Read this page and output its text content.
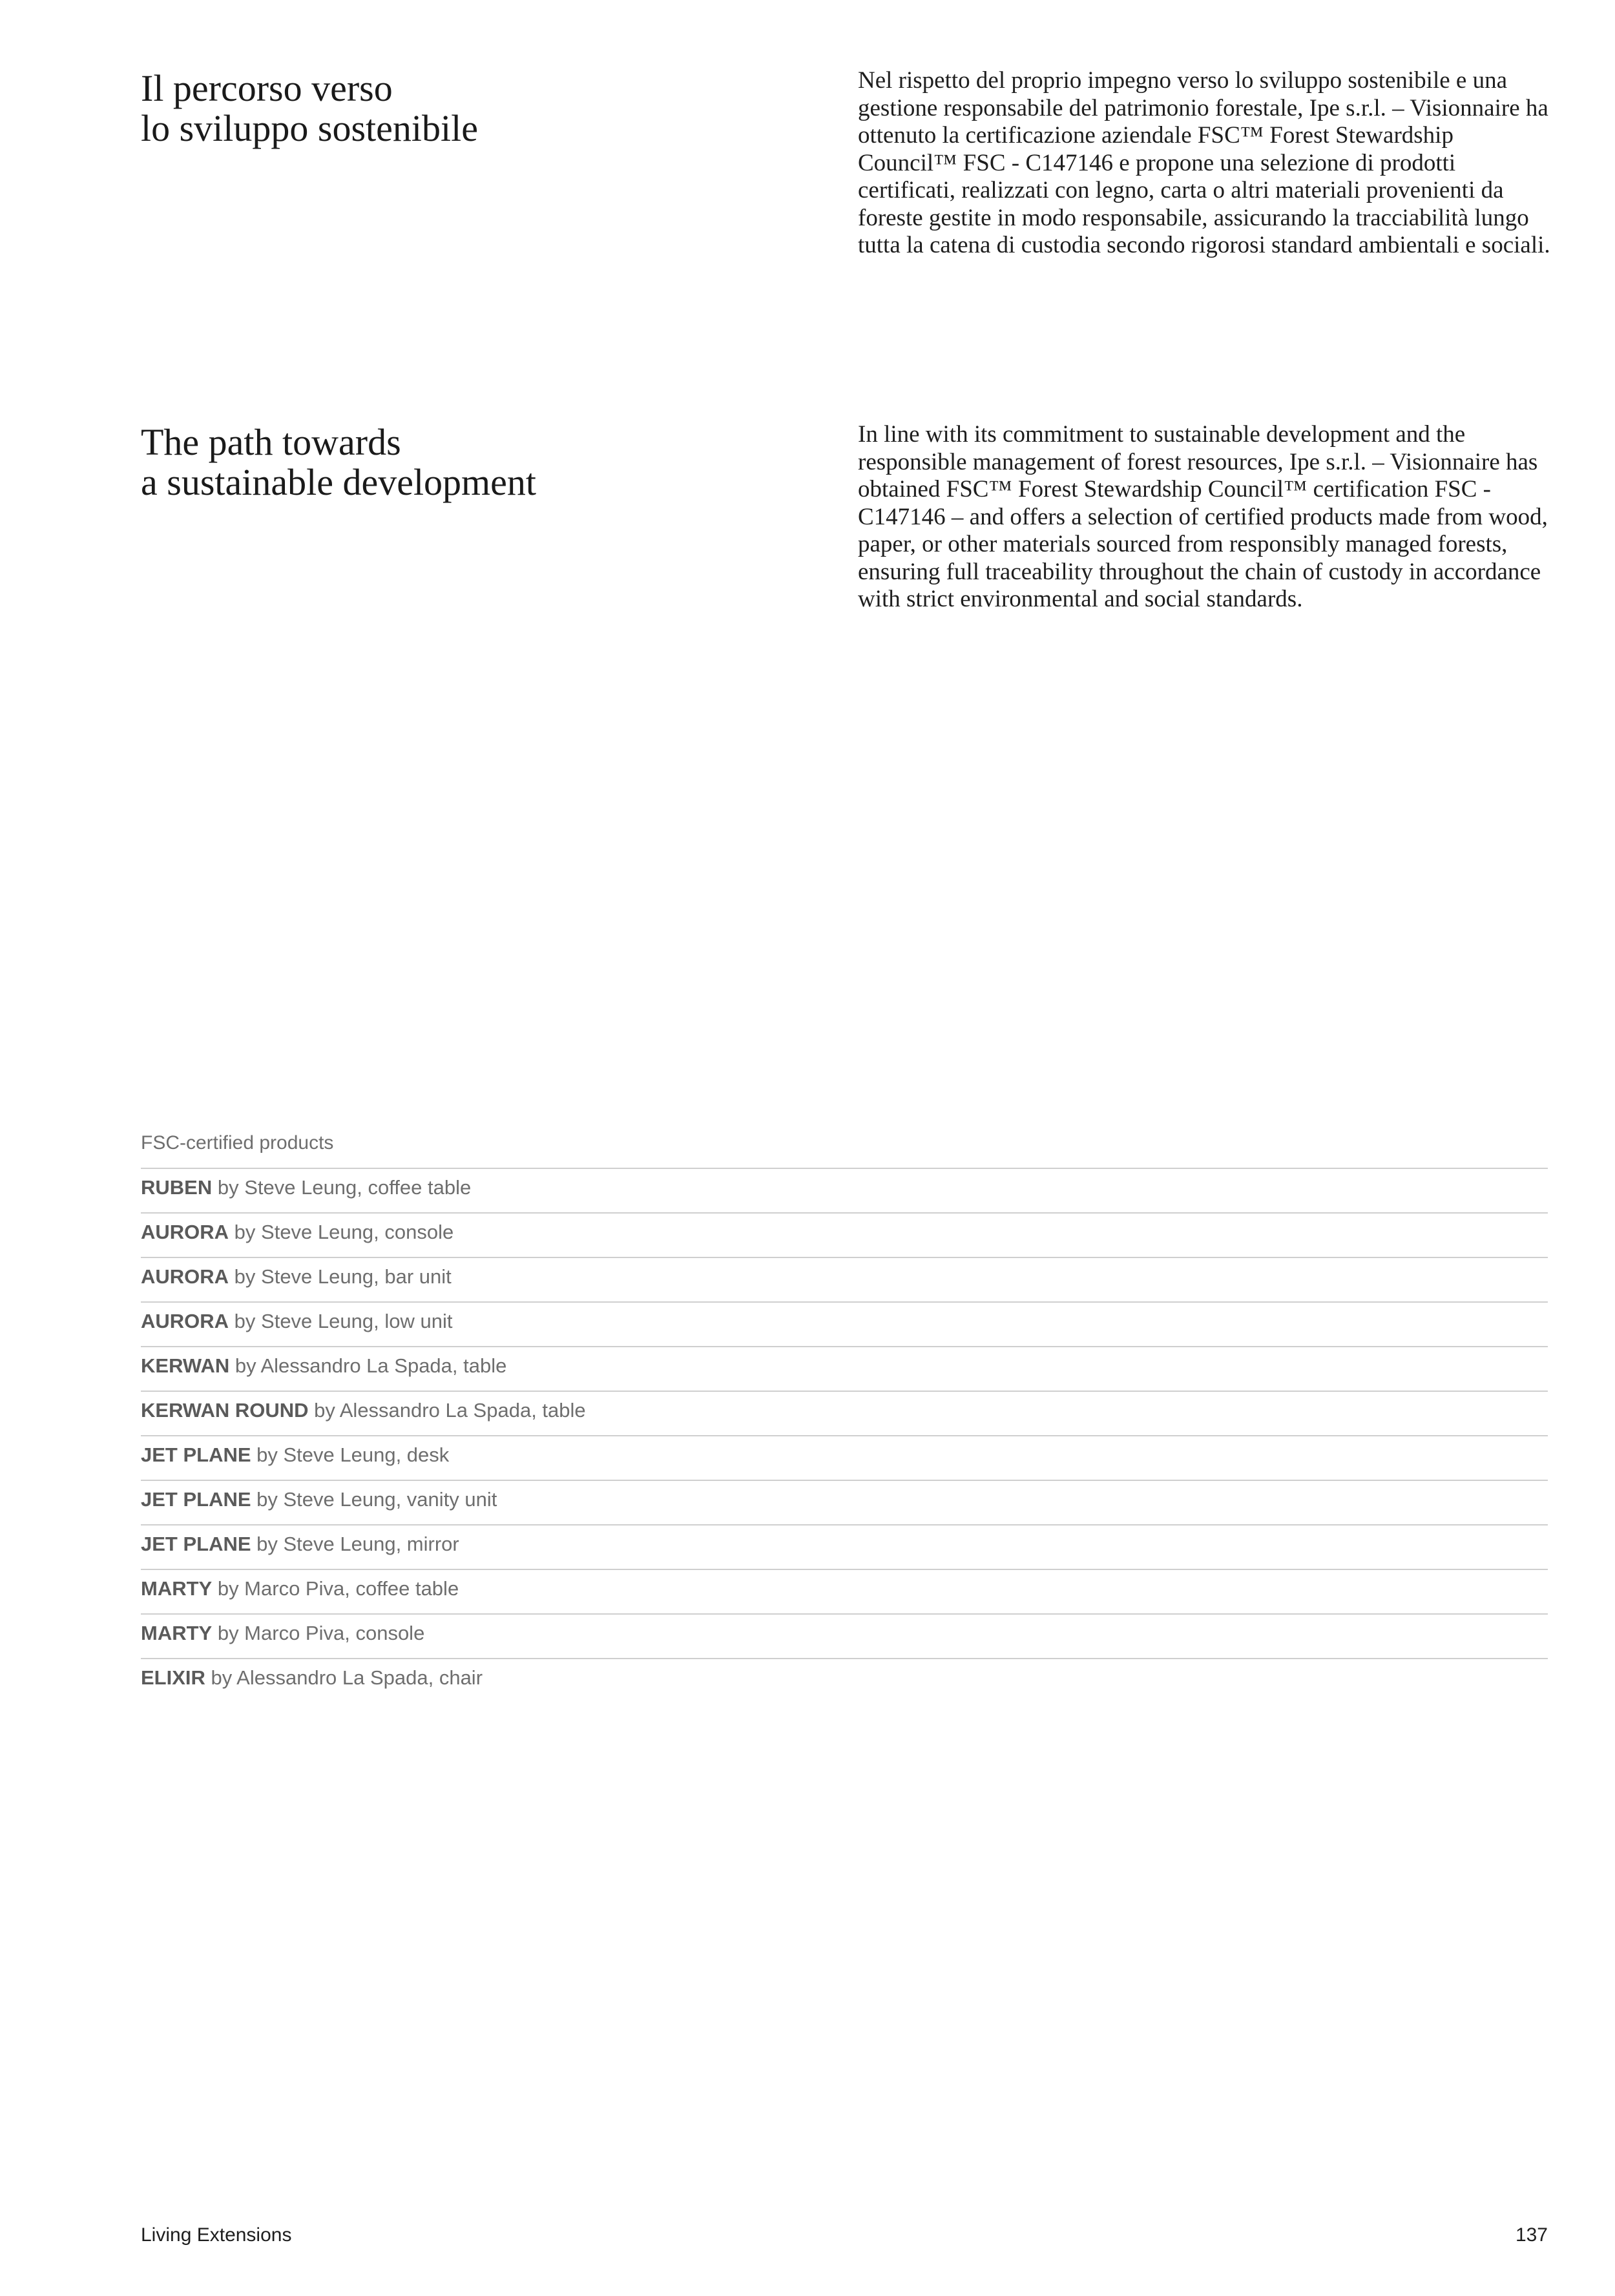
Il percorso verso
lo sviluppo sostenibile

Nel rispetto del proprio impegno verso lo sviluppo sostenibile e una gestione responsabile del patrimonio forestale, Ipe s.r.l. – Visionnaire ha ottenuto la certificazione aziendale FSC™ Forest Stewardship Council™ FSC - C147146 e propone una selezione di prodotti certificati, realizzati con legno, carta o altri materiali provenienti da foreste gestite in modo responsabile, assicurando la tracciabilità lungo tutta la catena di custodia secondo rigorosi standard ambientali e sociali.

The path towards
a sustainable development

In line with its commitment to sustainable development and the responsible management of forest resources, Ipe s.r.l. – Visionnaire has obtained FSC™ Forest Stewardship Council™ certification FSC - C147146 – and offers a selection of certified products made from wood, paper, or other materials sourced from responsibly managed forests, ensuring full traceability throughout the chain of custody in accordance with strict environmental and social standards.

FSC-certified products
RUBEN by Steve Leung, coffee table
AURORA by Steve Leung, console
AURORA by Steve Leung, bar unit
AURORA by Steve Leung, low unit
KERWAN by Alessandro La Spada, table
KERWAN ROUND by Alessandro La Spada, table
JET PLANE by Steve Leung, desk
JET PLANE by Steve Leung, vanity unit
JET PLANE by Steve Leung, mirror
MARTY by Marco Piva, coffee table
MARTY by Marco Piva, console
ELIXIR by Alessandro La Spada, chair
Living Extensions	137
